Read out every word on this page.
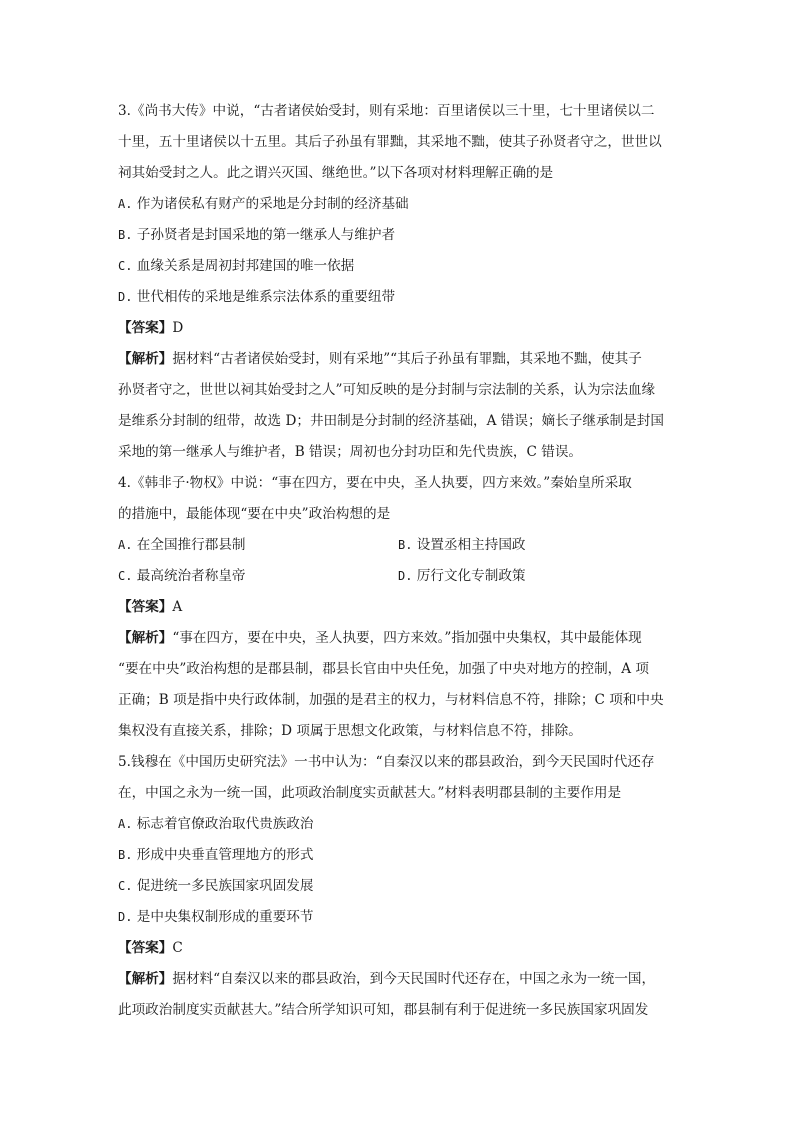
3.《尚书大传》中说，“古者诸侯始受封，则有采地：百里诸侯以三十里，七十里诸侯以二
十里，五十里诸侯以十五里。其后子孙虽有罪黜，其采地不黜，使其子孙贤者守之，世世以
祠其始受封之人。此之谓兴灭国、继绝世。”以下各项对材料理解正确的是
A. 作为诸侯私有财产的采地是分封制的经济基础
B. 子孙贤者是封国采地的第一继承人与维护者
C. 血缘关系是周初封邦建国的唯一依据
D. 世代相传的采地是维系宗法体系的重要纽带
【答案】D
【解析】据材料“古者诸侯始受封，则有采地”“其后子孙虽有罪黜，其采地不黜，使其子
孙贤者守之，世世以祠其始受封之人”可知反映的是分封制与宗法制的关系，认为宗法血缘
是维系分封制的纽带，故选 D；井田制是分封制的经济基础，A 错误；嫡长子继承制是封国
采地的第一继承人与维护者，B 错误；周初也分封功臣和先代贵族，C 错误。
4.《韩非子·物权》中说：“事在四方，要在中央，圣人执要，四方来效。”秦始皇所采取
的措施中，最能体现“要在中央”政治构想的是
A. 在全国推行郡县制	B. 设置丞相主持国政
C. 最高统治者称皇帝	D. 厉行文化专制政策
【答案】A
【解析】“事在四方，要在中央，圣人执要，四方来效。”指加强中央集权，其中最能体现
“要在中央”政治构想的是郡县制，郡县长官由中央任免，加强了中央对地方的控制，A 项
正确；B 项是指中央行政体制，加强的是君主的权力，与材料信息不符，排除；C 项和中央
集权没有直接关系，排除；D 项属于思想文化政策，与材料信息不符，排除。
5.钱穆在《中国历史研究法》一书中认为：“自秦汉以来的郡县政治，到今天民国时代还存
在，中国之永为一统一国，此项政治制度实贡献甚大。”材料表明郡县制的主要作用是
A. 标志着官僚政治取代贵族政治
B. 形成中央垂直管理地方的形式
C. 促进统一多民族国家巩固发展
D. 是中央集权制形成的重要环节
【答案】C
【解析】据材料“自秦汉以来的郡县政治，到今天民国时代还存在，中国之永为一统一国，
此项政治制度实贡献甚大。”结合所学知识可知，郡县制有利于促进统一多民族国家巩固发
